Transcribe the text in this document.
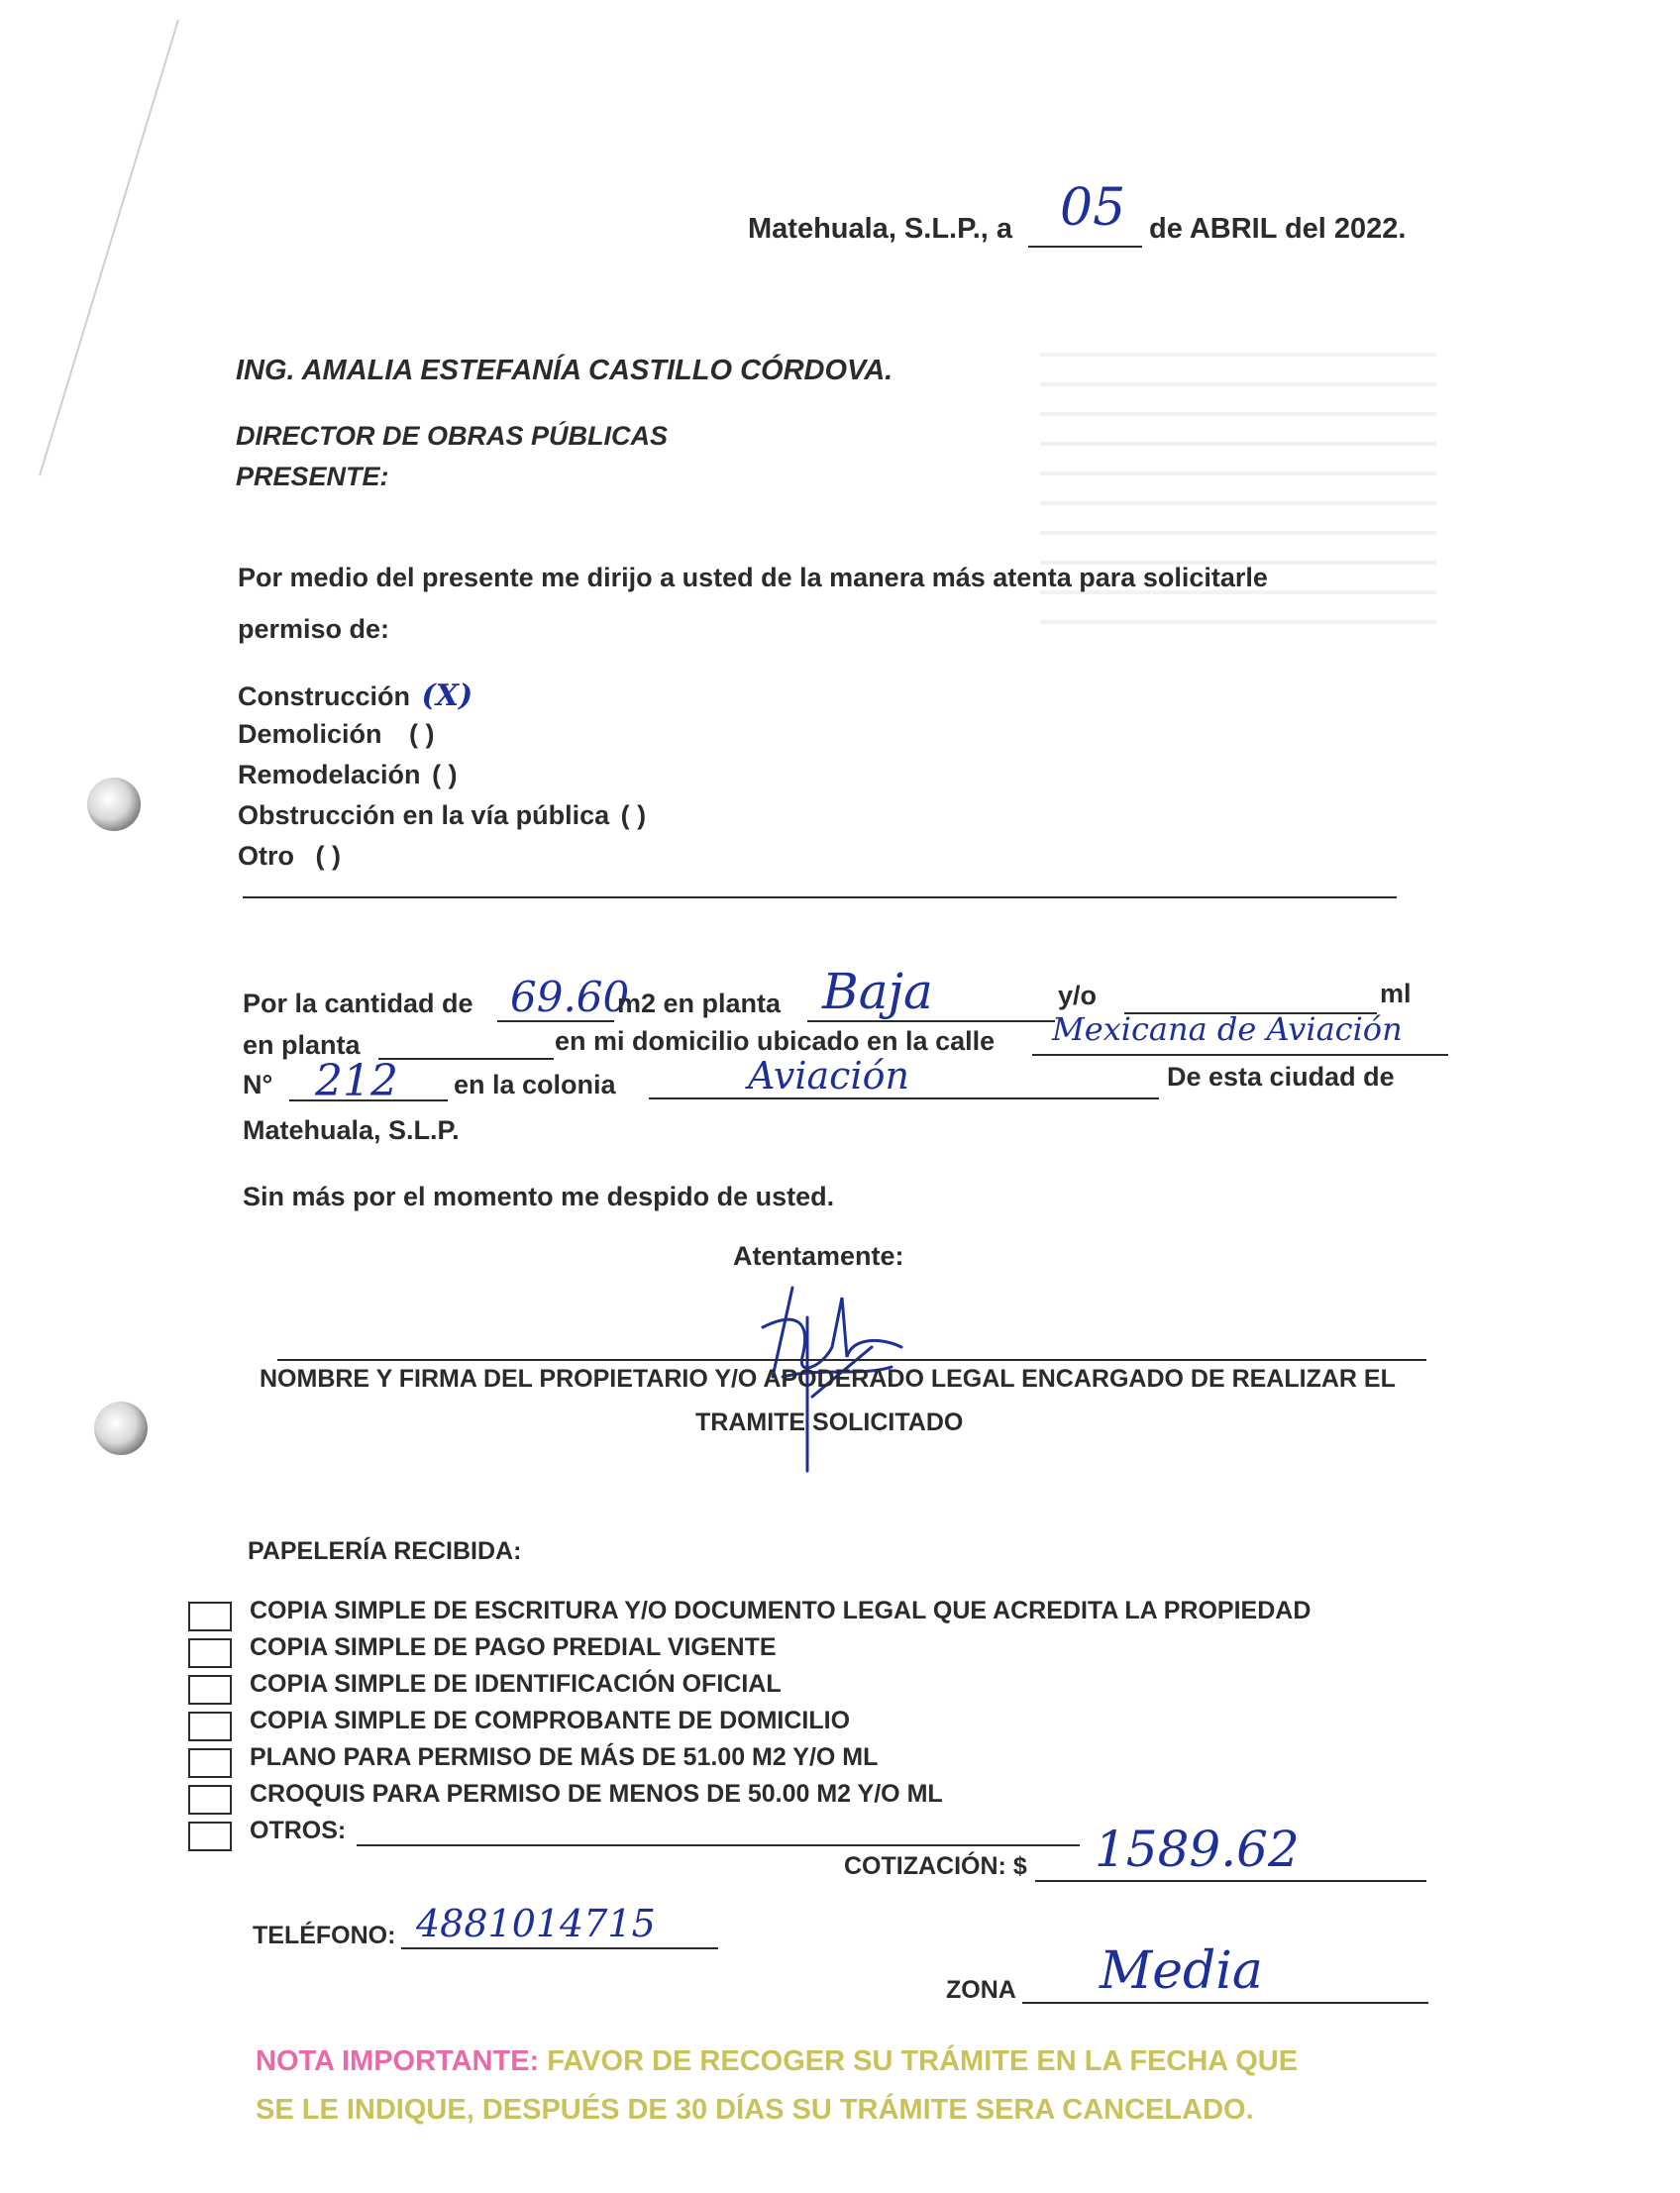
Matehuala, S.L.P., a 05 de ABRIL del 2022.
ING. AMALIA ESTEFANÍA CASTILLO CÓRDOVA.
DIRECTOR DE OBRAS PÚBLICAS
PRESENTE:
Por medio del presente me dirijo a usted de la manera más atenta para solicitarle
permiso de:
Construcción (X)
Demolición ( )
Remodelación ( )
Obstrucción en la vía pública ( )
Otro ( )
Por la cantidad de 69.60
m2 en planta Baja	y/o	ml
en planta	en mi domicilio ubicado en la calle Mexicana de Aviación
N° 212 en la colonia	Aviación	De esta ciudad de
Matehuala, S.L.P.
Sin más por el momento me despido de usted.
Atentamente:
NOMBRE Y FIRMA DEL PROPIETARIO Y/O APODERADO LEGAL ENCARGADO DE REALIZAR EL
TRAMITE SOLICITADO
PAPELERÍA RECIBIDA:
COPIA SIMPLE DE ESCRITURA Y/O DOCUMENTO LEGAL QUE ACREDITA LA PROPIEDAD
COPIA SIMPLE DE PAGO PREDIAL VIGENTE
COPIA SIMPLE DE IDENTIFICACIÓN OFICIAL
COPIA SIMPLE DE COMPROBANTE DE DOMICILIO
PLANO PARA PERMISO DE MÁS DE 51.00 M2 Y/O ML
CROQUIS PARA PERMISO DE MENOS DE 50.00 M2 Y/O ML
OTROS:
COTIZACIÓN: $ 1589.62
TELÉFONO: 4881014715
ZONA Media
NOTA IMPORTANTE: FAVOR DE RECOGER SU TRÁMITE EN LA FECHA QUE
SE LE INDIQUE, DESPUÉS DE 30 DÍAS SU TRÁMITE SERA CANCELADO.
